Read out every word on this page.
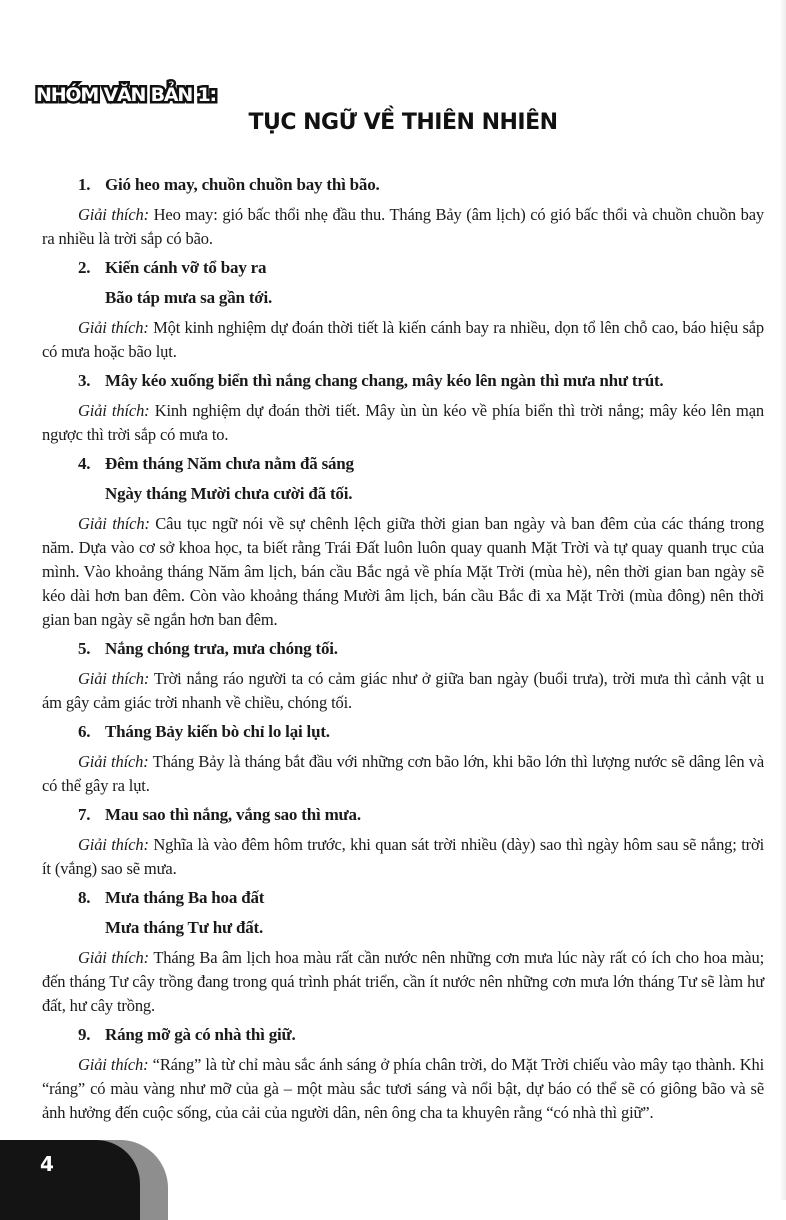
NHÓM VĂN BẢN 1:
TỤC NGỮ VỀ THIÊN NHIÊN
1. Gió heo may, chuồn chuồn bay thì bão.
Giải thích: Heo may: gió bấc thổi nhẹ đầu thu. Tháng Bảy (âm lịch) có gió bấc thổi và chuồn chuồn bay ra nhiều là trời sắp có bão.
2. Kiến cánh vỡ tổ bay ra
Bão táp mưa sa gần tới.
Giải thích: Một kinh nghiệm dự đoán thời tiết là kiến cánh bay ra nhiều, dọn tổ lên chỗ cao, báo hiệu sắp có mưa hoặc bão lụt.
3. Mây kéo xuống biển thì nắng chang chang, mây kéo lên ngàn thì mưa như trút.
Giải thích: Kinh nghiệm dự đoán thời tiết. Mây ùn ùn kéo về phía biển thì trời nắng; mây kéo lên mạn ngược thì trời sắp có mưa to.
4. Đêm tháng Năm chưa nằm đã sáng
Ngày tháng Mười chưa cười đã tối.
Giải thích: Câu tục ngữ nói về sự chênh lệch giữa thời gian ban ngày và ban đêm của các tháng trong năm. Dựa vào cơ sở khoa học, ta biết rằng Trái Đất luôn luôn quay quanh Mặt Trời và tự quay quanh trục của mình. Vào khoảng tháng Năm âm lịch, bán cầu Bắc ngả về phía Mặt Trời (mùa hè), nên thời gian ban ngày sẽ kéo dài hơn ban đêm. Còn vào khoảng tháng Mười âm lịch, bán cầu Bắc đi xa Mặt Trời (mùa đông) nên thời gian ban ngày sẽ ngắn hơn ban đêm.
5. Nắng chóng trưa, mưa chóng tối.
Giải thích: Trời nắng ráo người ta có cảm giác như ở giữa ban ngày (buổi trưa), trời mưa thì cảnh vật u ám gây cảm giác trời nhanh về chiều, chóng tối.
6. Tháng Bảy kiến bò chỉ lo lại lụt.
Giải thích: Tháng Bảy là tháng bắt đầu với những cơn bão lớn, khi bão lớn thì lượng nước sẽ dâng lên và có thể gây ra lụt.
7. Mau sao thì nắng, vắng sao thì mưa.
Giải thích: Nghĩa là vào đêm hôm trước, khi quan sát trời nhiều (dày) sao thì ngày hôm sau sẽ nắng; trời ít (vắng) sao sẽ mưa.
8. Mưa tháng Ba hoa đất
Mưa tháng Tư hư đất.
Giải thích: Tháng Ba âm lịch hoa màu rất cần nước nên những cơn mưa lúc này rất có ích cho hoa màu; đến tháng Tư cây trồng đang trong quá trình phát triển, cần ít nước nên những cơn mưa lớn tháng Tư sẽ làm hư đất, hư cây trồng.
9. Ráng mỡ gà có nhà thì giữ.
Giải thích: “Ráng” là từ chỉ màu sắc ánh sáng ở phía chân trời, do Mặt Trời chiếu vào mây tạo thành. Khi “ráng” có màu vàng như mỡ của gà – một màu sắc tươi sáng và nổi bật, dự báo có thể sẽ có giông bão và sẽ ảnh hưởng đến cuộc sống, của cải của người dân, nên ông cha ta khuyên rằng “có nhà thì giữ”.
4
